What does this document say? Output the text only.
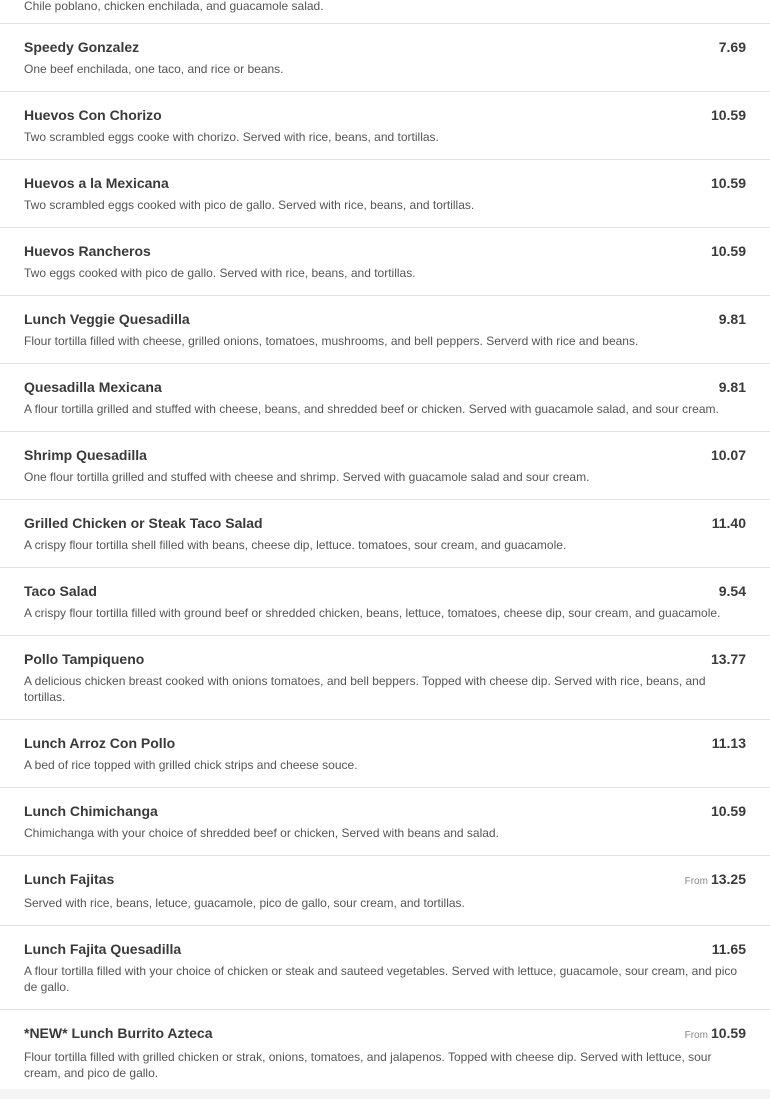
Chile poblano, chicken enchilada, and guacamole salad.
Speedy Gonzalez	7.69
One beef enchilada, one taco, and rice or beans.
Huevos Con Chorizo	10.59
Two scrambled eggs cooke with chorizo. Served with rice, beans, and tortillas.
Huevos a la Mexicana	10.59
Two scrambled eggs cooked with pico de gallo. Served with rice, beans, and tortillas.
Huevos Rancheros	10.59
Two eggs cooked with pico de gallo. Served with rice, beans, and tortillas.
Lunch Veggie Quesadilla	9.81
Flour tortilla filled with cheese, grilled onions, tomatoes, mushrooms, and bell peppers. Serverd with rice and beans.
Quesadilla Mexicana	9.81
A flour tortilla grilled and stuffed with cheese, beans, and shredded beef or chicken. Served with guacamole salad, and sour cream.
Shrimp Quesadilla	10.07
One flour tortilla grilled and stuffed with cheese and shrimp. Served with guacamole salad and sour cream.
Grilled Chicken or Steak Taco Salad	11.40
A crispy flour tortilla shell filled with beans, cheese dip, lettuce. tomatoes, sour cream, and guacamole.
Taco Salad	9.54
A crispy flour tortilla filled with ground beef or shredded chicken, beans, lettuce, tomatoes, cheese dip, sour cream, and guacamole.
Pollo Tampiqueno	13.77
A delicious chicken breast cooked with onions tomatoes, and bell beppers. Topped with cheese dip. Served with rice, beans, and tortillas.
Lunch Arroz Con Pollo	11.13
A bed of rice topped with grilled chick strips and cheese souce.
Lunch Chimichanga	10.59
Chimichanga with your choice of shredded beef or chicken, Served with beans and salad.
Lunch Fajitas	From 13.25
Served with rice, beans, letuce, guacamole, pico de gallo, sour cream, and tortillas.
Lunch Fajita Quesadilla	11.65
A flour tortilla filled with your choice of chicken or steak and sauteed vegetables. Served with lettuce, guacamole, sour cream, and pico de gallo.
*NEW* Lunch Burrito Azteca	From 10.59
Flour tortilla filled with grilled chicken or strak, onions, tomatoes, and jalapenos. Topped with cheese dip. Served with lettuce, sour cream, and pico de gallo.
